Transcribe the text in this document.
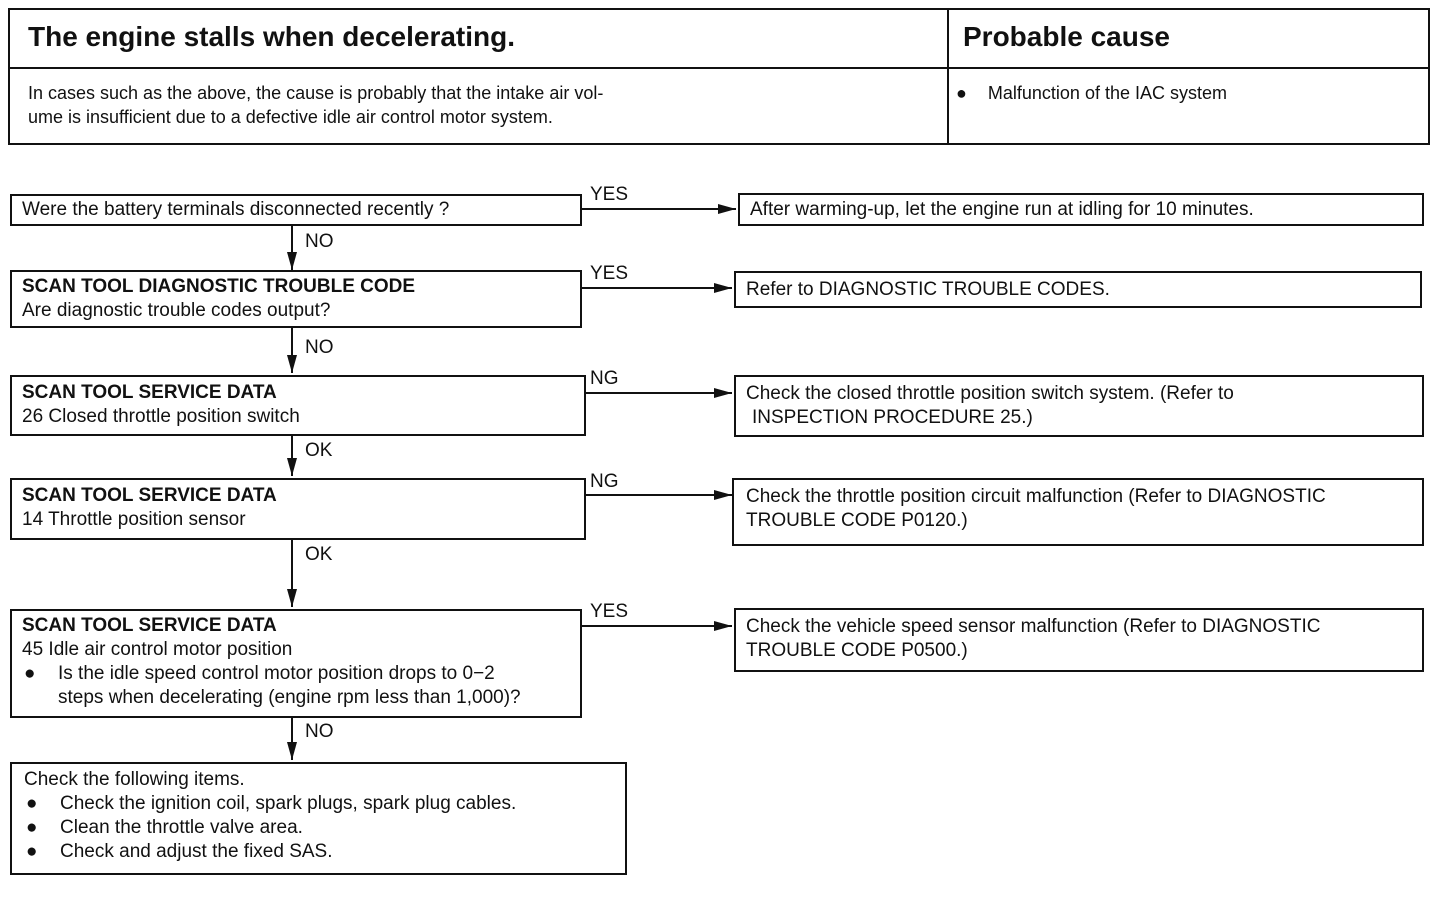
The engine stalls when decelerating.	Probable cause
In cases such as the above, the cause is probably that the intake air vol-
ume is insufficient due to a defective idle air control motor system.
● Malfunction of the IAC system
Were the battery terminals disconnected recently ?
SCAN TOOL DIAGNOSTIC TROUBLE CODE
Are diagnostic trouble codes output?
SCAN TOOL SERVICE DATA
26 Closed throttle position switch
SCAN TOOL SERVICE DATA
14 Throttle position sensor
SCAN TOOL SERVICE DATA
45 Idle air control motor position
● Is the idle speed control motor position drops to 0−2
steps when decelerating (engine rpm less than 1,000)?
Check the following items.
● Check the ignition coil, spark plugs, spark plug cables.
● Clean the throttle valve area.
● Check and adjust the fixed SAS.
After warming-up, let the engine run at idling for 10 minutes.
Refer to DIAGNOSTIC TROUBLE CODES.
Check the closed throttle position switch system. (Refer to
INSPECTION PROCEDURE 25.)
Check the throttle position circuit malfunction (Refer to DIAGNOSTIC
TROUBLE CODE P0120.)
Check the vehicle speed sensor malfunction (Refer to DIAGNOSTIC
TROUBLE CODE P0500.)
YES
NO
YES
NO
NG
OK
NG
OK
YES
NO
